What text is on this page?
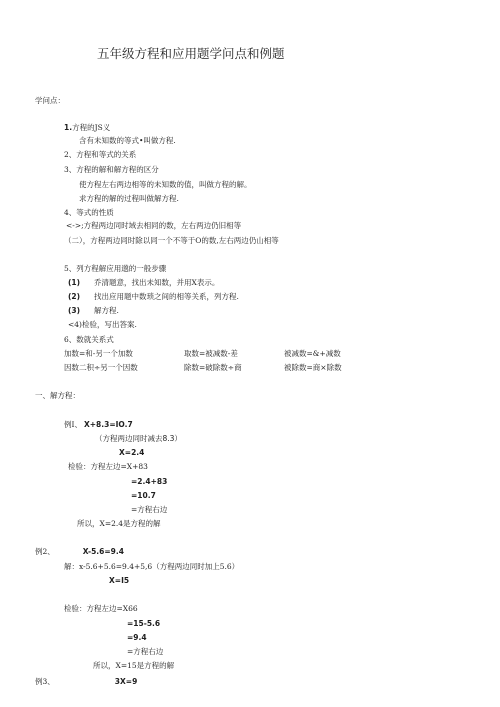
五年级方程和应用题学问点和例题
学问点：
1.方程的JS义
含有未知数的等式•叫做方程.
2、方程和等式的关系
3、方程的解和解方程的区分
使方程左右两边相等的未知数的值，叫做方程的解。
求方程的解的过程叫做解方程.
4、等式的性质
<->;方程两边同时域去相同的数，左右两边仍旧相等
（二），方程两边同时除以同一个不等于O的数,左右两边仍山相等
5、列方程解应用邈的一般步骤
(1) 乔清题意，找出未知数，并用X表示。
(2) 找出应用题中数琐之间的相等关系，列方程.
(3) 解方程.
<4)检验，写出答案.
6、数就关系式
加数=和-另一个加数	取数=被减数-差	被减数=&+减数
因数二积÷另一个因数	除数=破除数÷商	被除数=商×除数
一、解方程：
例I、 X+8.3=IO.7
（方程两边同时减去8.3）
X=2.4
检验：方程左边=X+83
=2.4+83
=10.7
=方程右边
所以，X=2.4是方程的解
例2、	X-5.6=9.4
解：x-5.6+5.6=9.4+5,6（方程两边同时加上5.6）
X=I5
检验：方程左边=X66
=15-5.6
=9.4
=方程右边
所以，X=15是方程的解
例3、	3X=9
